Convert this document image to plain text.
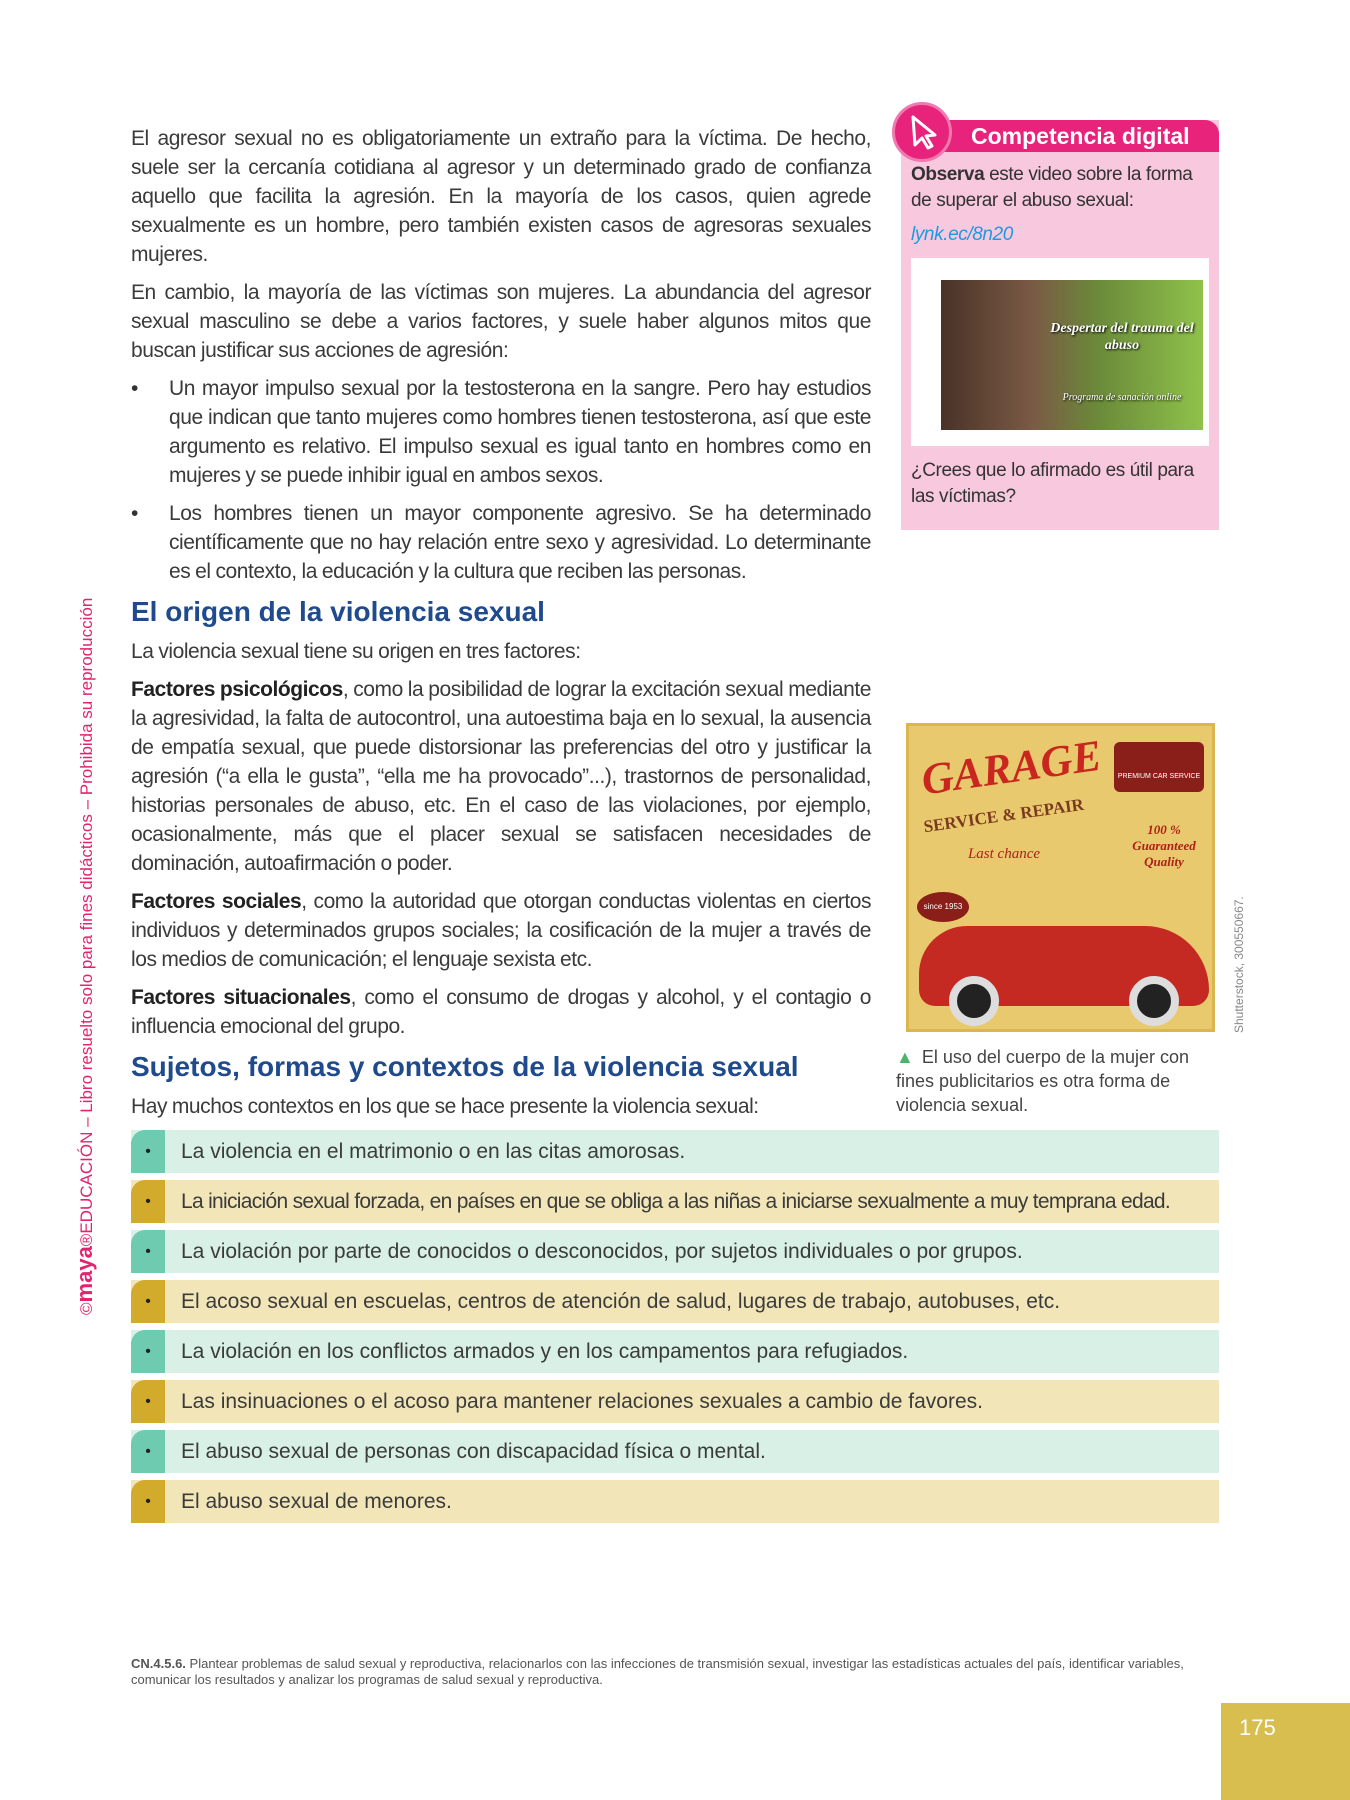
©maya®EDUCACIÓN – Libro resuelto solo para fines didácticos – Prohibida su reproducción

El agresor sexual no es obligatoriamente un extraño para la víctima. De hecho, suele ser la cercanía cotidiana al agresor y un determinado grado de confianza aquello que facilita la agresión. En la mayoría de los casos, quien agrede sexualmente es un hombre, pero también existen casos de agresoras sexuales mujeres.

En cambio, la mayoría de las víctimas son mujeres. La abundancia del agresor sexual masculino se debe a varios factores, y suele haber algunos mitos que buscan justificar sus acciones de agresión:

• Un mayor impulso sexual por la testosterona en la sangre. Pero hay estudios que indican que tanto mujeres como hombres tienen testosterona, así que este argumento es relativo. El impulso sexual es igual tanto en hombres como en mujeres y se puede inhibir igual en ambos sexos.
• Los hombres tienen un mayor componente agresivo. Se ha determinado científicamente que no hay relación entre sexo y agresividad. Lo determinante es el contexto, la educación y la cultura que reciben las personas.
El origen de la violencia sexual

La violencia sexual tiene su origen en tres factores:

Factores psicológicos, como la posibilidad de lograr la excitación sexual mediante la agresividad, la falta de autocontrol, una autoestima baja en lo sexual, la ausencia de empatía sexual, que puede distorsionar las preferencias del otro y justificar la agresión (“a ella le gusta”, “ella me ha provocado”...), trastornos de personalidad, historias personales de abuso, etc. En el caso de las violaciones, por ejemplo, ocasionalmente, más que el placer sexual se satisfacen necesidades de dominación, autoafirmación o poder.

Factores sociales, como la autoridad que otorgan conductas violentas en ciertos individuos y determinados grupos sociales; la cosificación de la mujer a través de los medios de comunicación; el lenguaje sexista etc.

Factores situacionales, como el consumo de drogas y alcohol, y el contagio o influencia emocional del grupo.

Sujetos, formas y contextos de la violencia sexual

Hay muchos contextos en los que se hace presente la violencia sexual:

•	La violencia en el matrimonio o en las citas amorosas.
•	La iniciación sexual forzada, en países en que se obliga a las niñas a iniciarse sexualmente a muy temprana edad.
•	La violación por parte de conocidos o desconocidos, por sujetos individuales o por grupos.
•	El acoso sexual en escuelas, centros de atención de salud, lugares de trabajo, autobuses, etc.
•	La violación en los conflictos armados y en los campamentos para refugiados.
•	Las insinuaciones o el acoso para mantener relaciones sexuales a cambio de favores.
•	El abuso sexual de personas con discapacidad física o mental.
•	El abuso sexual de menores.
Competencia digital

Observa este video sobre la forma de superar el abuso sexual:

lynk.ec/8n20

Despertar del trauma del abuso
Programa de sanación online

¿Crees que lo afirmado es útil para las víctimas?

GARAGE
SERVICE & REPAIR
Last chance
100 % Guaranteed Quality
PREMIUM CAR SERVICE
since 1953	Shutterstock, 300550667.
▲ El uso del cuerpo de la mujer con fines publicitarios es otra forma de violencia sexual.

CN.4.5.6. Plantear problemas de salud sexual y reproductiva, relacionarlos con las infecciones de transmisión sexual, investigar las estadísticas actuales del país, identificar variables, comunicar los resultados y analizar los programas de salud sexual y reproductiva.

175
